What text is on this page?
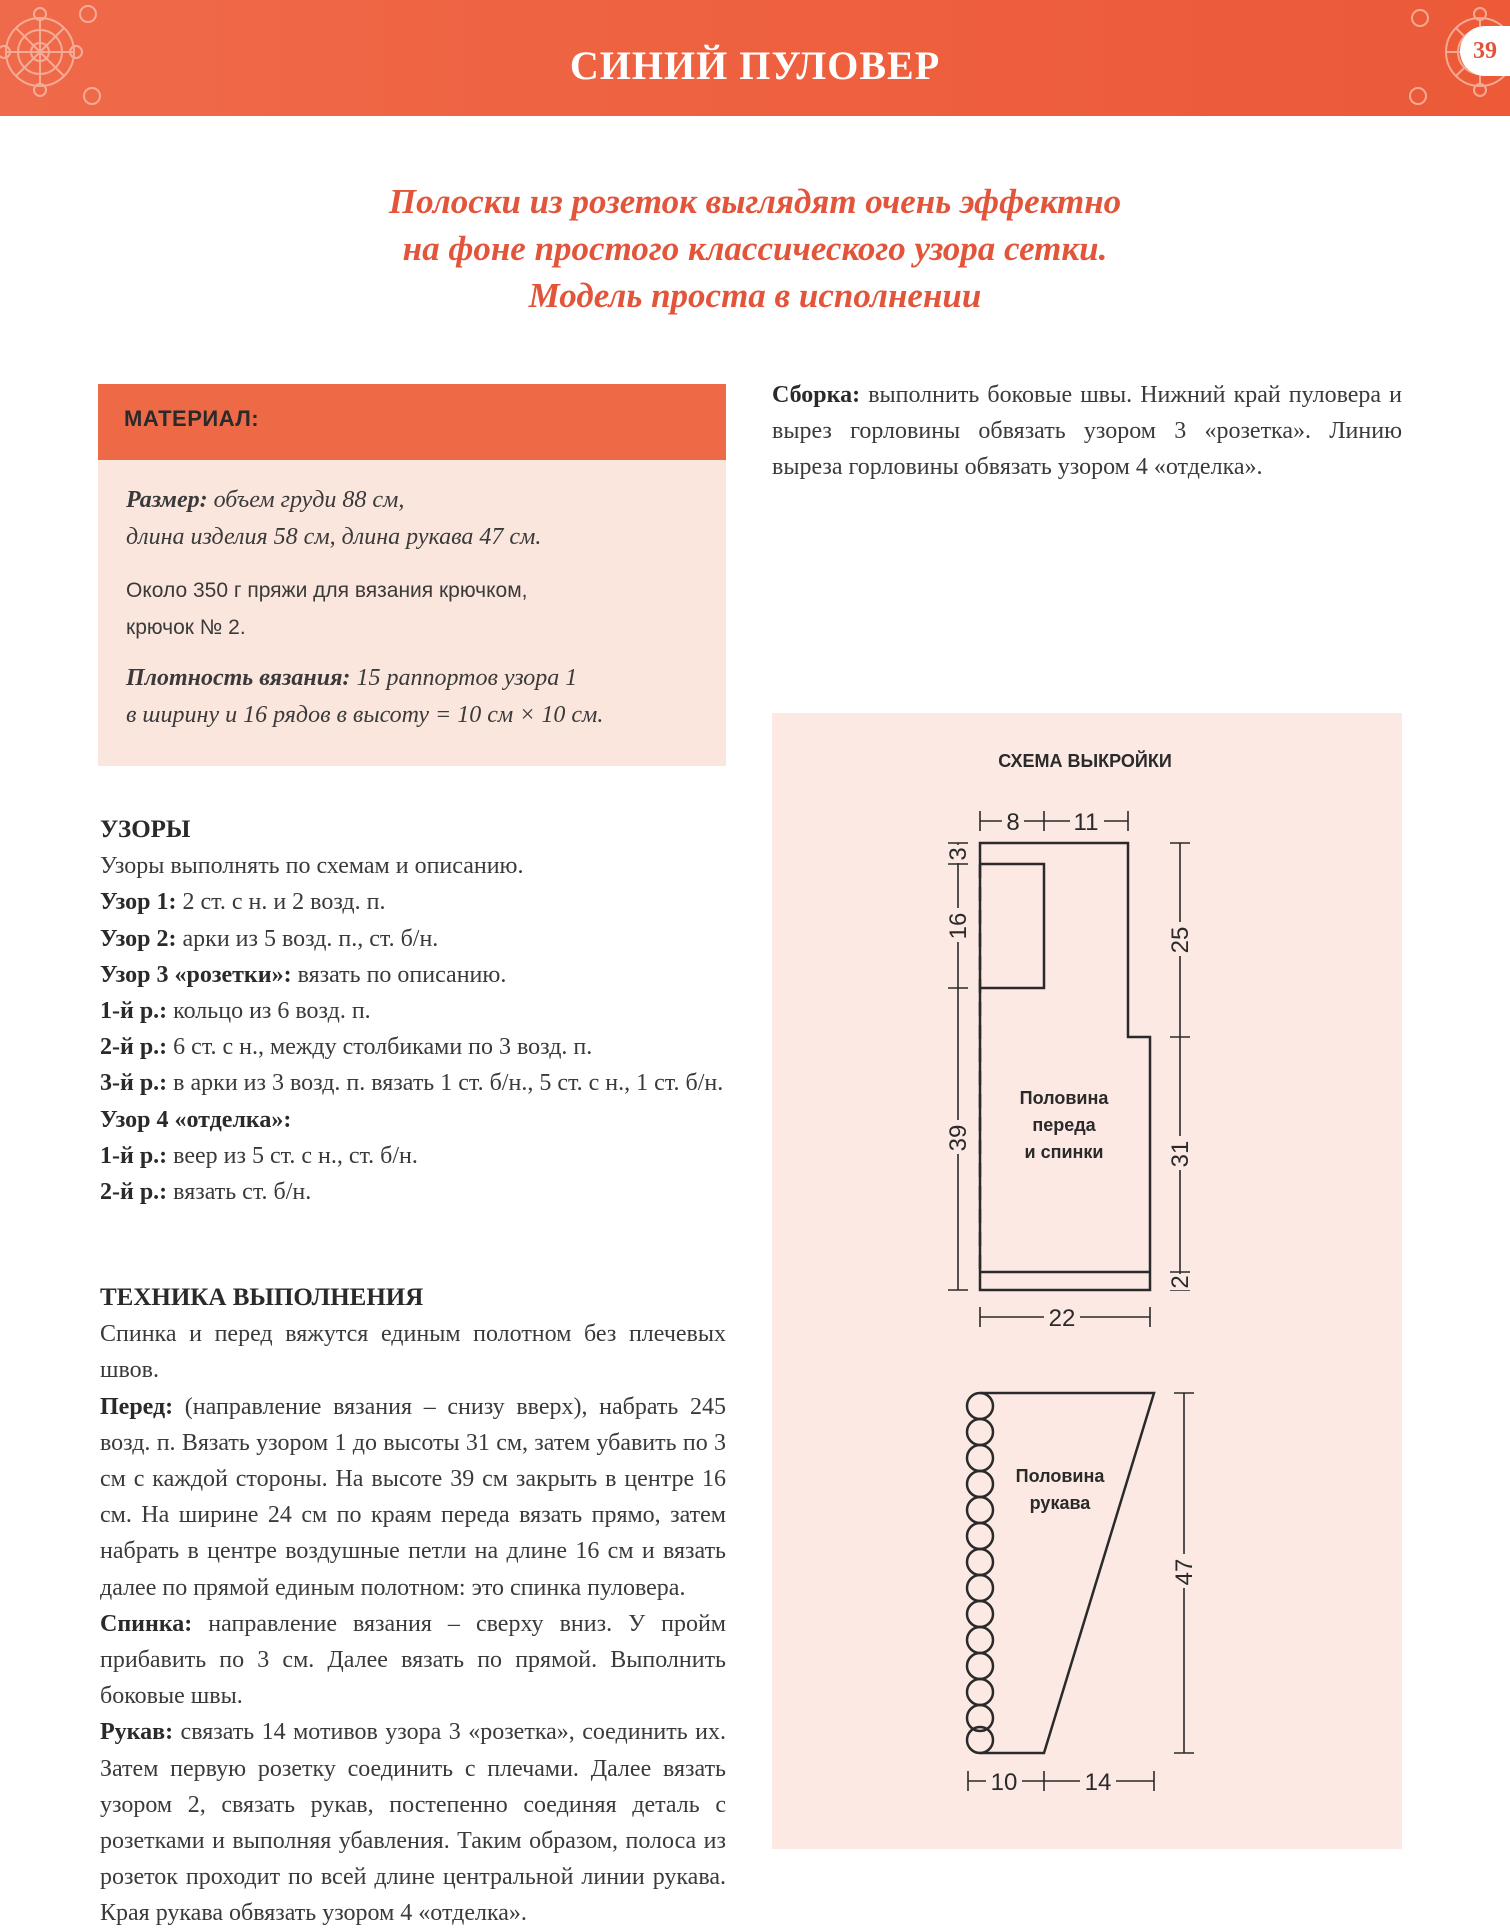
СИНИЙ ПУЛОВЕР	39
Полоски из розеток выглядят очень эффектно
на фоне простого классического узора сетки.
Модель проста в исполнении
МАТЕРИАЛ:

Размер: объем груди 88 см,
длина изделия 58 см, длина рукава 47 см.

Около 350 г пряжи для вязания крючком,
крючок № 2.

Плотность вязания: 15 раппортов узора 1
в ширину и 16 рядов в высоту = 10 см × 10 см.

УЗОРЫ

Узоры выполнять по схемам и описанию.

Узор 1: 2 ст. с н. и 2 возд. п.

Узор 2: арки из 5 возд. п., ст. б/н.

Узор 3 «розетки»: вязать по описанию.

1-й р.: кольцо из 6 возд. п.

2-й р.: 6 ст. с н., между столбиками по 3 возд. п.

3-й р.: в арки из 3 возд. п. вязать 1 ст. б/н., 5 ст. с н., 1 ст. б/н.

Узор 4 «отделка»:

1-й р.: веер из 5 ст. с н., ст. б/н.

2-й р.: вязать ст. б/н.

ТЕХНИКА ВЫПОЛНЕНИЯ

Спинка и перед вяжутся единым полотном без плечевых швов.

Перед: (направление вязания – снизу вверх), набрать 245 возд. п. Вязать узором 1 до высоты 31 см, затем убавить по 3 см с каждой стороны. На высоте 39 см закрыть в центре 16 см. На ширине 24 см по краям переда вязать прямо, затем набрать в центре воздушные петли на длине 16 см и вязать далее по прямой единым полотном: это спинка пуловера.

Спинка: направление вязания – сверху вниз. У пройм прибавить по 3 см. Далее вязать по прямой. Выполнить боковые швы.

Рукав: связать 14 мотивов узора 3 «розетка», соединить их. Затем первую розетку соединить с плечами. Далее вязать узором 2, связать рукав, постепенно соединяя деталь с розетками и выполняя убавления. Таким образом, полоса из розеток проходит по всей длине центральной линии рукава. Края рукава обвязать узором 4 «отделка».

Сборка: выполнить боковые швы. Нижний край пуловера и вырез горловины обвязать узором 3 «розетка». Линию выреза горловины обвязать узором 4 «отделка».

СХЕМА ВЫКРОЙКИ
8 11
3
16
39
25
31
2
22
Половина
переда
и спинки
47
10	14
Половина
рукава
